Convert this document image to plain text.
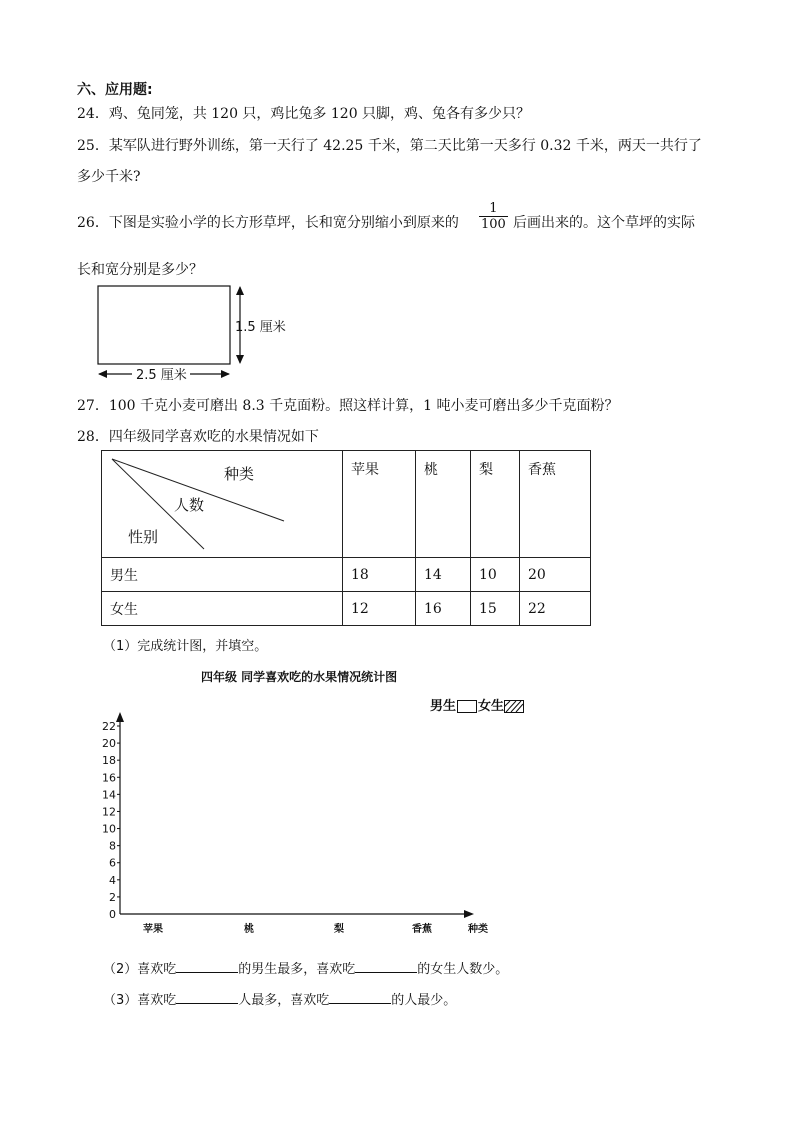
六、应用题:
24．鸡、兔同笼，共 120 只，鸡比兔多 120 只脚，鸡、兔各有多少只？
25．某军队进行野外训练，第一天行了 42.25 千米，第二天比第一天多行 0.32 千米，两天一共行了
多少千米?
26．下图是实验小学的长方形草坪，长和宽分别缩小到原来的 $\frac{1}{100}$ 后画出来的。这个草坪的实际
长和宽分别是多少？
1.5 厘米
2.5 厘米
27．100 千克小麦可磨出 8.3 千克面粉。照这样计算，1 吨小麦可磨出多少千克面粉？
28．四年级同学喜欢吃的水果情况如下
种类
人数
性别	苹果	桃	梨	香蕉
男生	18	14	10	20
女生	12	16	15	22
（1）完成统计图，并填空。
四年级 同学喜欢吃的水果情况统计图
男生 女生
0
2
4
6
8
10
12
14
16
18
20
22
苹果	桃	梨	香蕉	种类
（2）喜欢吃	的男生最多，喜欢吃	的女生人数少。
（3）喜欢吃	人最多，喜欢吃	的人最少。
